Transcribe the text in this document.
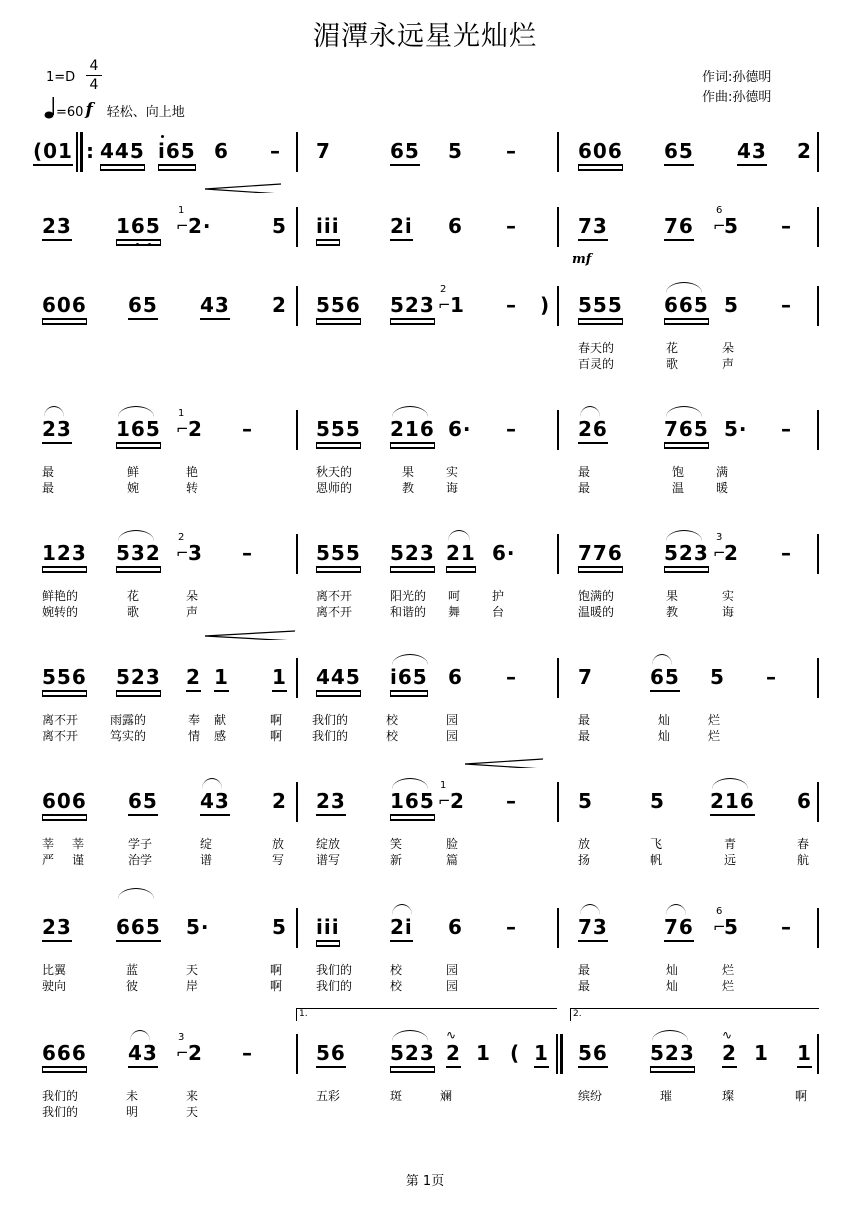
湄潭永远星光灿烂
1=D
4
4
=60 f 轻松、向上地
作词:孙德明
作曲:孙德明
(01 : 445 i65 6 – 7	65 5 –	606 65 43 2
23 165
1
⌐ 2·	5 iii	2i 6 –	73	76
6
⌐
5 –
mf
606 65 43 2 556 523
2
⌐ 1 – ) 555 665 5 –
春天的	花	朵
百灵的	歌	声
23 165
1
⌐ 2 –	555 216 6· –	26	765 5· –
最	鲜	艳	秋天的	果	实	最	饱	满
最	婉	转	恩师的	教	诲	最	温	暖
123 532
2
⌐ 3 –	555 523 21 6·	776 523
3
⌐
2 –
鲜艳的	花	朵	离不开	阳光的 呵	护	饱满的	果	实
婉转的	歌	声	离不开	和谐的 舞	台	温暖的	教	诲
556 523 2 1 1 445 i65 6 –	7	65 5 –
离不开	雨露的	奉 献	啊 我们的	校	园	最	灿	烂
离不开	笃实的	情 感	啊 我们的	校	园	最	灿	烂
606 65 43 2 23 165
1
⌐ 2 –	5	5 216 6
莘 莘	学子	绽	放	绽放	笑	脸	放	飞	青	春
严 谨	治学	谱	写	谱写	新	篇	扬	帆	远	航
23 665 5·	5 iii	2i 6 –	73	76
6
⌐
5 –
比翼	蓝	天	啊	我们的	校	园	最	灿	烂
驶向	彼	岸	啊	我们的	校	园	最	灿	烂
1.	2.
666 43
3
⌐ 2 –	56 523
∿
2 1 ( 1 56 523
∿
2 1 1
我们的	未	来	五彩	斑	斓	缤纷	璀	璨	啊
我们的	明	天
第 1页
